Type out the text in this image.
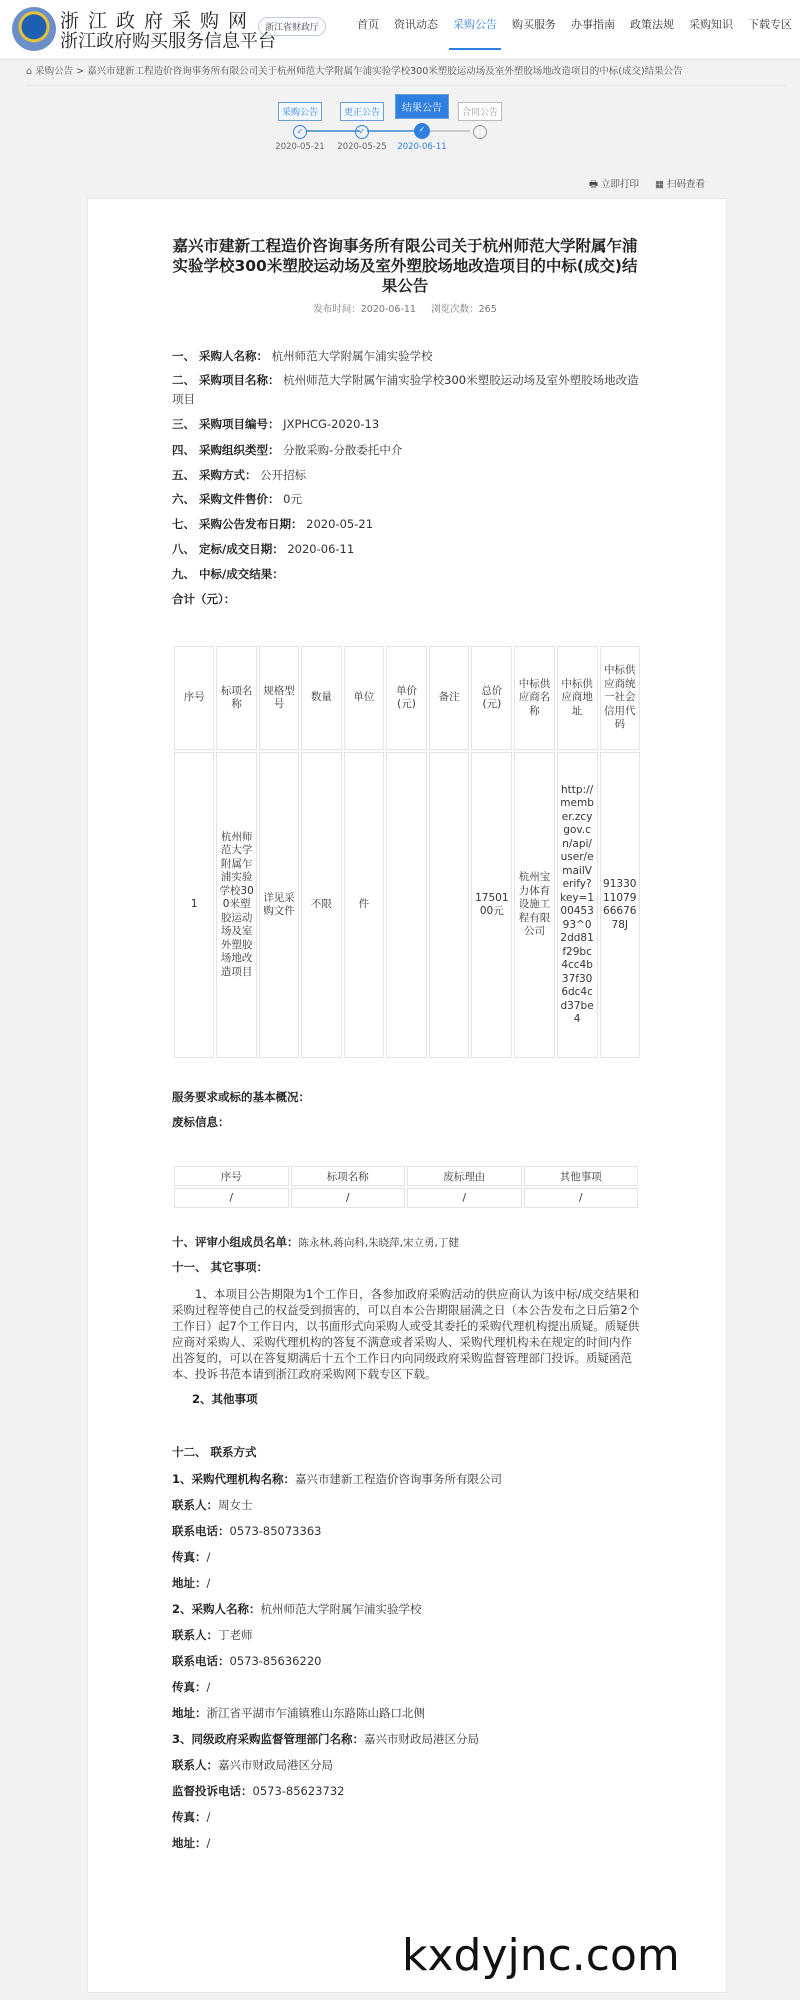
浙江政府采购网
浙江政府购买服务信息平台
浙江省财政厅	首页 资讯动态 采购公告 购买服务 办事指南 政策法规 采购知识 下载专区
⌂ 采购公告 > 嘉兴市建新工程造价咨询事务所有限公司关于杭州师范大学附属乍浦实验学校300米塑胶运动场及室外塑胶场地改造项目的中标(成交)结果公告
采购公告
✓
2020-05-21
更正公告
✓
2020-05-25
结果公告
✓
2020-06-11
合同公告
🖶 立即打印 ▦ 扫码查看
嘉兴市建新工程造价咨询事务所有限公司关于杭州师范大学附属乍浦实验学校300米塑胶运动场及室外塑胶场地改造项目的中标(成交)结果公告
发布时间：2020-06-11 浏览次数：265
一、 采购人名称： 杭州师范大学附属乍浦实验学校
二、 采购项目名称： 杭州师范大学附属乍浦实验学校300米塑胶运动场及室外塑胶场地改造项目
三、 采购项目编号： JXPHCG-2020-13
四、 采购组织类型： 分散采购-分散委托中介
五、 采购方式： 公开招标
六、 采购文件售价： 0元
七、 采购公告发布日期： 2020-05-21
八、 定标/成交日期： 2020-06-11
九、 中标/成交结果：
合计（元）：
序号	标项名称	规格型号	数量	单位	单价(元)	备注	总价(元)	中标供应商名称	中标供应商地址	中标供应商统一社会信用代码
1	杭州师范大学附属乍浦实验学校300米塑胶运动场及室外塑胶场地改造项目	详见采购文件	不限	件			1750100元	杭州宝力体育设施工程有限公司	http://member.zcygov.cn/api/user/emailVerify?key=10045393^02dd81f29bc4cc4b37f306dc4cd37be4	91330110796667678J
服务要求或标的基本概况：
废标信息：
序号	标项名称	废标理由	其他事项
/	/	/	/
十、评审小组成员名单：陈永林,蒋向科,朱晓萍,宋立勇,丁健
十一、 其它事项：
1、本项目公告期限为1个工作日，各参加政府采购活动的供应商认为该中标/成交结果和采购过程等使自己的权益受到损害的，可以自本公告期限届满之日（本公告发布之日后第2个工作日）起7个工作日内，以书面形式向采购人或受其委托的采购代理机构提出质疑。质疑供应商对采购人、采购代理机构的答复不满意或者采购人、采购代理机构未在规定的时间内作出答复的，可以在答复期满后十五个工作日内向同级政府采购监督管理部门投诉。质疑函范本、投诉书范本请到浙江政府采购网下载专区下载。
2、其他事项
十二、 联系方式
1、采购代理机构名称：嘉兴市建新工程造价咨询事务所有限公司
联系人：周女士
联系电话：0573-85073363
传真：/
地址：/
2、采购人名称：杭州师范大学附属乍浦实验学校
联系人：丁老师
联系电话：0573-85636220
传真：/
地址：浙江省平湖市乍浦镇雅山东路陈山路口北侧
3、同级政府采购监督管理部门名称：嘉兴市财政局港区分局
联系人：嘉兴市财政局港区分局
监督投诉电话：0573-85623732
传真：/
地址：/
kxdyjnc.com
